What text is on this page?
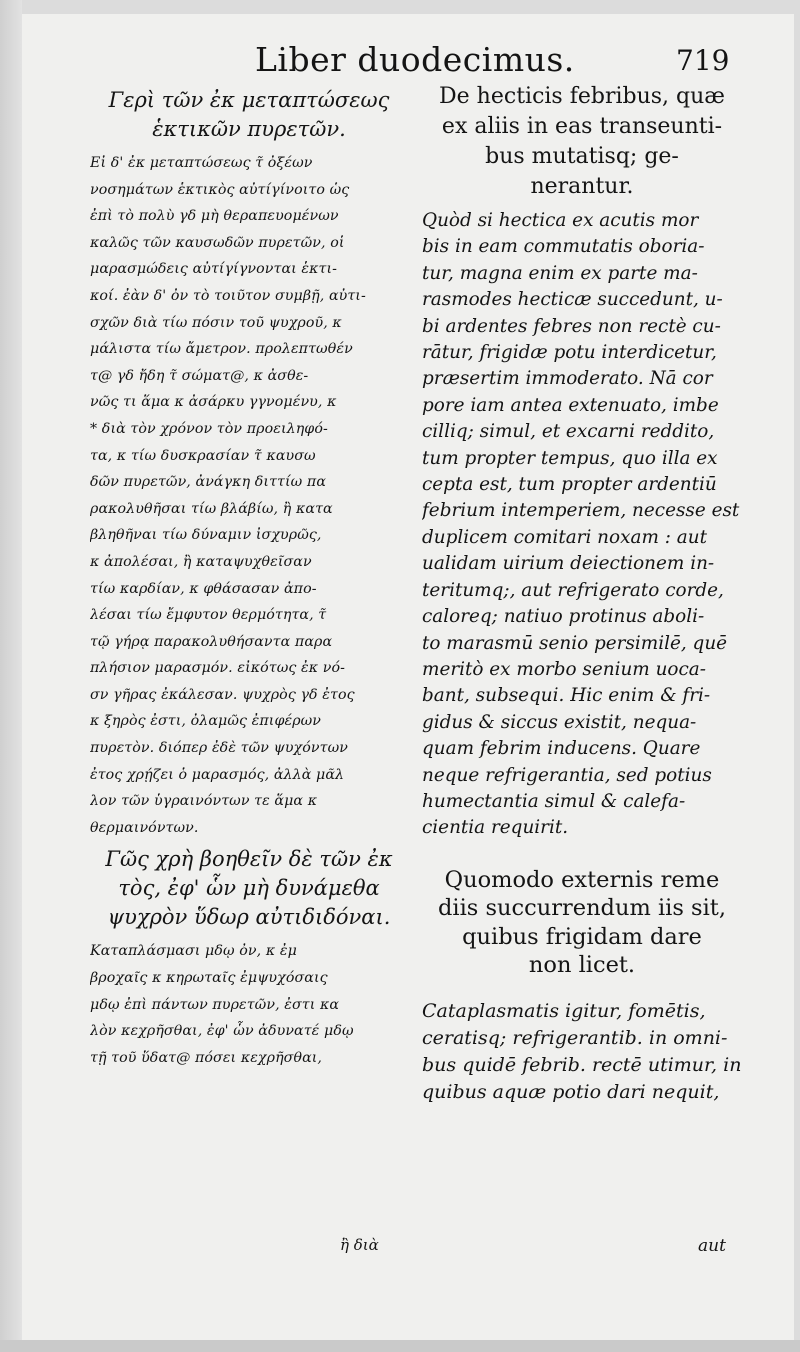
Liber duodecimus.	719
Γερὶ τῶν ἐκ μεταπτώσεως
ἑκτικῶν πυρετῶν.
Εἰ δ' ἐκ μεταπτώσεως τ̃ ὀξέων
νοσημάτων ἑκτικὸς αὐτίγίνοιτο ὡς
ἐπὶ τὸ πολὺ γδ μὴ θεραπευομένων
καλῶς τῶν καυσωδῶν πυρετῶν, οἱ
μαρασμώδεις αὐτίγίγνονται ἑκτι-
κοί. ἐὰν δ' ὀν τὸ τοιῦτον συμβῇ, αὐτι-
σχῶν διὰ τίω πόσιν τοῦ ψυχροῦ, κ
μάλιστα τίω ἄμετρον. προλεπτωθέν
τ@ γδ ἤδη τ̃ σώματ@, κ ἀσθε-
νῶς τι ἅμα κ ἀσάρκυ γγνομένυ, κ
* διὰ τὸν χρόνον τὸν προειληφό-
τα, κ τίω δυσκρασίαν τ̃ καυσω
δῶν πυρετῶν, ἀνάγκη διττίω πα
ρακολυθῆσαι τίω βλάβίω, ἢ κατα
βληθῆναι τίω δύναμιν ἰσχυρῶς,
κ ἀπολέσαι, ἢ καταψυχθεῖσαν
τίω καρδίαν, κ φθάσασαν ἀπο-
λέσαι τίω ἔμφυτον θερμότητα, τ̃
τῷ γήρᾳ παρακολυθήσαντα παρα
πλήσιον μαρασμόν. εἰκότως ἐκ νό-
σν γῆρας ἐκάλεσαν. ψυχρὸς γδ ἐτος
κ ξηρὸς ἐστι, ὀλαμῶς ἐπιφέρων
πυρετὸν. διόπερ ἐδὲ τῶν ψυχόντων
ἐτος χρῄζει ὁ μαρασμός, ἀλλὰ μᾶλ
λον τῶν ὑγραινόντων τε ἅμα κ
θερμαινόντων.
Γῶς χρὴ βοηθεῖν δὲ τῶν ἐκ
τὸς, ἐφ' ὧν μὴ δυνάμεθα
ψυχρὸν ὕδωρ αὐτιδιδόναι.
Καταπλάσμασι μδῳ ὀν, κ ἐμ
βροχαῖς κ κηρωταῖς ἐμψυχόσαις
μδῳ ἐπὶ πάντων πυρετῶν, ἐστι κα
λὸν κεχρῆσθαι, ἐφ' ὧν ἀδυνατέ μδῳ
τῇ τοῦ ὕδατ@ πόσει κεχρῆσθαι,
De hecticis febribus, quæ
ex aliis in eas transeunti-
bus mutatisq; ge-
nerantur.
Quòd si hectica ex acutis mor
bis in eam commutatis oboria-
tur, magna enim ex parte ma-
rasmodes hecticæ succedunt, u-
bi ardentes febres non rectè cu-
rātur, frigidæ potu interdicetur,
præsertim immoderato. Nā cor
pore iam antea extenuato, imbe
cilliq; simul, et excarni reddito,
tum propter tempus, quo illa ex
cepta est, tum propter ardentiū
febrium intemperiem, necesse est
duplicem comitari noxam : aut
ualidam uirium deiectionem in-
teritumq;, aut refrigerato corde,
caloreq; natiuo protinus aboli-
to marasmū senio persimilē, quē
meritò ex morbo senium uoca-
bant, subsequi. Hic enim & fri-
gidus & siccus existit, nequa-
quam febrim inducens. Quare
neque refrigerantia, sed potius
humectantia simul & calefa-
cientia requirit.
Quomodo externis reme
diis succurrendum iis sit,
quibus frigidam dare
non licet.
Cataplasmatis igitur, fomētis,
ceratisq; refrigerantib. in omni-
bus quidē febrib. rectē utimur, in
quibus aquæ potio dari nequit,
ἢ διὰ	aut
